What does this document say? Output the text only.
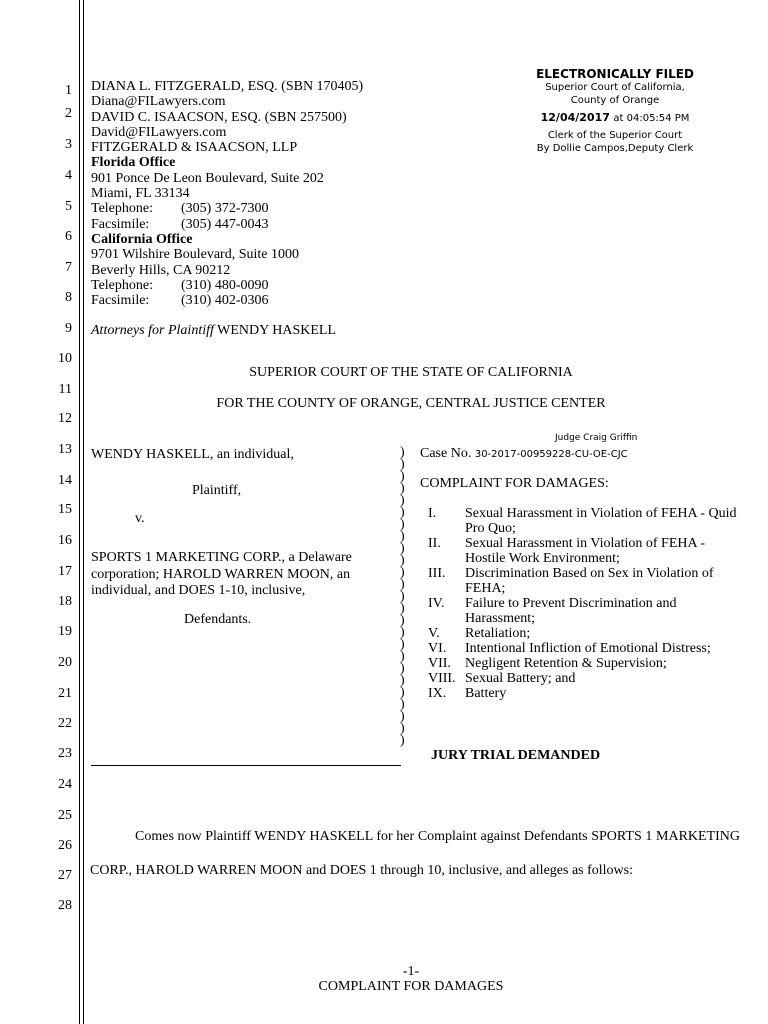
1
2
3
4
5
6
7
8
9
10
11
12
13
14
15
16
17
18
19
20
21
22
23
24
25
26
27
28
ELECTRONICALLY FILED
Superior Court of California,
County of Orange
12/04/2017 at 04:05:54 PM
Clerk of the Superior Court
By Dollie Campos,Deputy Clerk
DIANA L. FITZGERALD, ESQ. (SBN 170405)
Diana@FILawyers.com
DAVID C. ISAACSON, ESQ. (SBN 257500)
David@FILawyers.com
FITZGERALD & ISAACSON, LLP
Florida Office
901 Ponce De Leon Boulevard, Suite 202
Miami, FL 33134
Telephone: (305) 372-7300
Facsimile: (305) 447-0043
California Office
9701 Wilshire Boulevard, Suite 1000
Beverly Hills, CA 90212
Telephone: (310) 480-0090
Facsimile: (310) 402-0306
Attorneys for Plaintiff WENDY HASKELL
SUPERIOR COURT OF THE STATE OF CALIFORNIA
FOR THE COUNTY OF ORANGE, CENTRAL JUSTICE CENTER
WENDY HASKELL, an individual,
Plaintiff,
v.
SPORTS 1 MARKETING CORP., a Delaware
corporation; HAROLD WARREN MOON, an
individual, and DOES 1-10, inclusive,
Defendants.
)
)
)
)
)
)
)
)
)
)
)
)
)
)
)
)
)
)
)
)
)
)
)
)
)
Judge Craig Griffin
Case No. 30-2017-00959228-CU-OE-CJC
COMPLAINT FOR DAMAGES:
I. Sexual Harassment in Violation of FEHA - Quid Pro Quo;
II. Sexual Harassment in Violation of FEHA - Hostile Work Environment;
III. Discrimination Based on Sex in Violation of FEHA;
IV. Failure to Prevent Discrimination and Harassment;
V. Retaliation;
VI. Intentional Infliction of Emotional Distress;
VII. Negligent Retention & Supervision;
VIII. Sexual Battery; and
IX. Battery
JURY TRIAL DEMANDED
Comes now Plaintiff WENDY HASKELL for her Complaint against Defendants SPORTS 1 MARKETING CORP., HAROLD WARREN MOON and DOES 1 through 10, inclusive, and alleges as follows:
-1-
COMPLAINT FOR DAMAGES
